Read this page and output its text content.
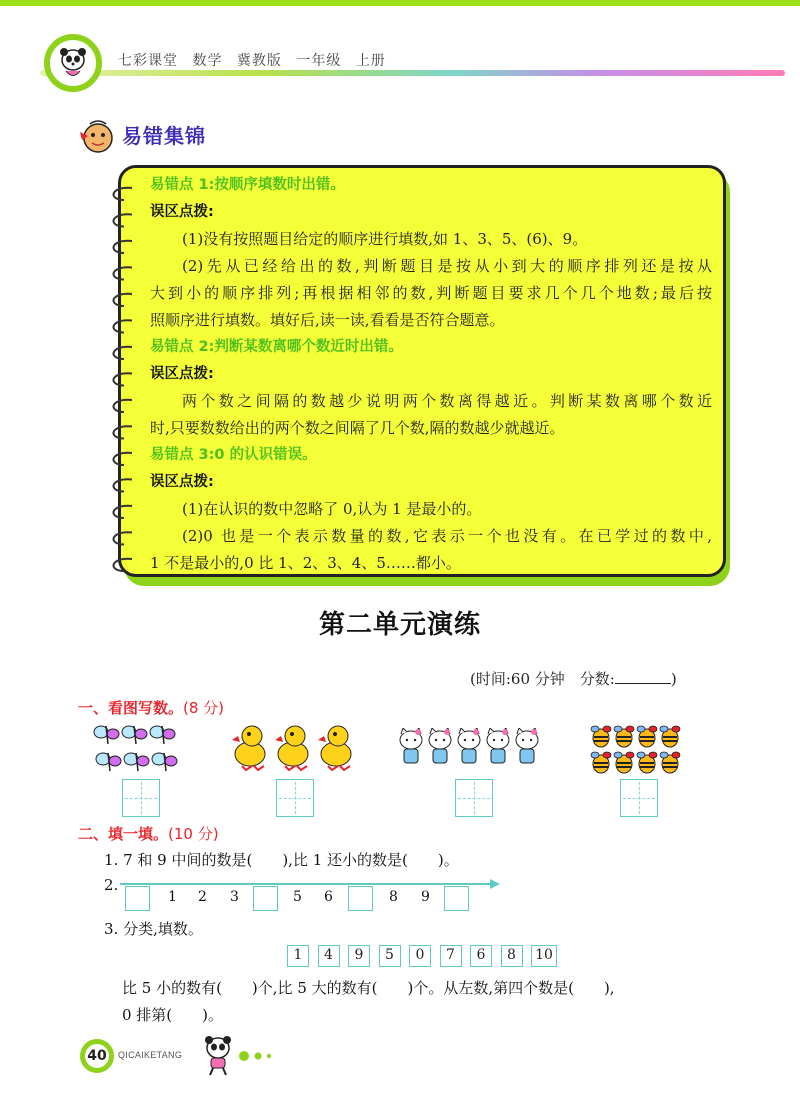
七彩课堂 数学 冀教版 一年级 上册
易错集锦
易错点 1:按顺序填数时出错。
误区点拨:
(1)没有按照题目给定的顺序进行填数,如 1、3、5、(6)、9。
(2)先从已经给出的数,判断题目是按从小到大的顺序排列还是按从
大到小的顺序排列;再根据相邻的数,判断题目要求几个几个地数;最后按
照顺序进行填数。填好后,读一读,看看是否符合题意。
易错点 2:判断某数离哪个数近时出错。
误区点拨:
两个数之间隔的数越少说明两个数离得越近。判断某数离哪个数近
时,只要数数给出的两个数之间隔了几个数,隔的数越少就越近。
易错点 3:0 的认识错误。
误区点拨:
(1)在认识的数中忽略了 0,认为 1 是最小的。
(2)0 也是一个表示数量的数,它表示一个也没有。在已学过的数中,
1 不是最小的,0 比 1、2、3、4、5……都小。
第二单元演练
(时间:60 分钟　分数:	)
一、看图写数。(8 分)
二、填一填。(10 分)
1. 7 和 9 中间的数是(　　),比 1 还小的数是(　　)。
2.
1 2 3	5 6	8 9
3. 分类,填数。
1	4	9	5	0	7	6	8	10
比 5 小的数有(　　)个,比 5 大的数有(　　)个。从左数,第四个数是(　　),
0 排第(　　)。
40	QICAIKETANG
